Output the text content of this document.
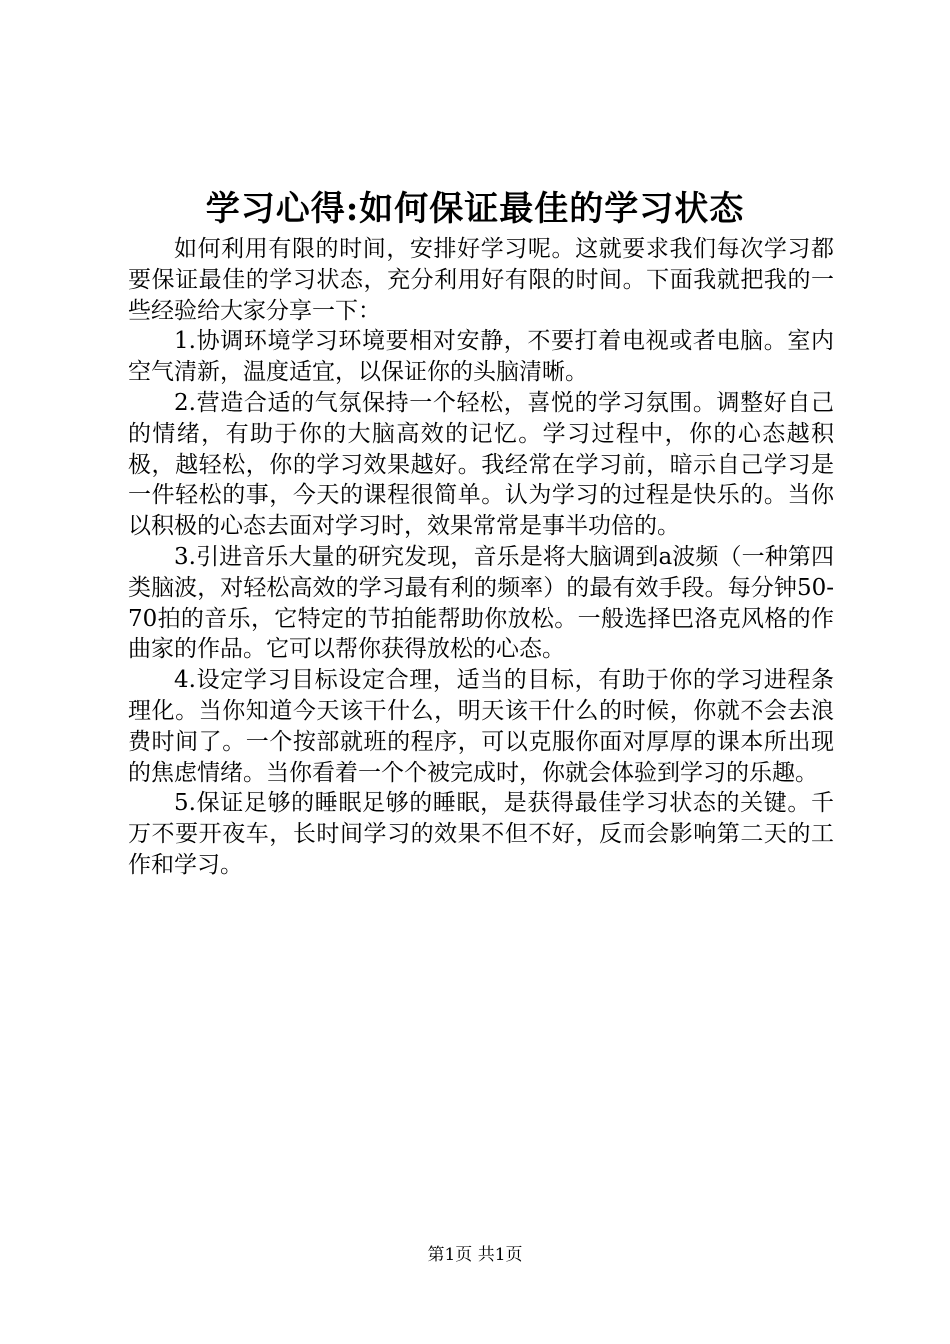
学习心得:如何保证最佳的学习状态

如何利用有限的时间，安排好学习呢。这就要求我们每次学习都要保证最佳的学习状态，充分利用好有限的时间。下面我就把我的一些经验给大家分享一下：

1.协调环境学习环境要相对安静，不要打着电视或者电脑。室内空气清新，温度适宜，以保证你的头脑清晰。

2.营造合适的气氛保持一个轻松，喜悦的学习氛围。调整好自己的情绪，有助于你的大脑高效的记忆。学习过程中，你的心态越积极，越轻松，你的学习效果越好。我经常在学习前，暗示自己学习是一件轻松的事，今天的课程很简单。认为学习的过程是快乐的。当你以积极的心态去面对学习时，效果常常是事半功倍的。

3.引进音乐大量的研究发现，音乐是将大脑调到a波频（一种第四类脑波，对轻松高效的学习最有利的频率）的最有效手段。每分钟50-70拍的音乐，它特定的节拍能帮助你放松。一般选择巴洛克风格的作曲家的作品。它可以帮你获得放松的心态。

4.设定学习目标设定合理，适当的目标，有助于你的学习进程条理化。当你知道今天该干什么，明天该干什么的时候，你就不会去浪费时间了。一个按部就班的程序，可以克服你面对厚厚的课本所出现的焦虑情绪。当你看着一个个被完成时，你就会体验到学习的乐趣。

5.保证足够的睡眠足够的睡眠，是获得最佳学习状态的关键。千万不要开夜车，长时间学习的效果不但不好，反而会影响第二天的工作和学习。

第1页 共1页
